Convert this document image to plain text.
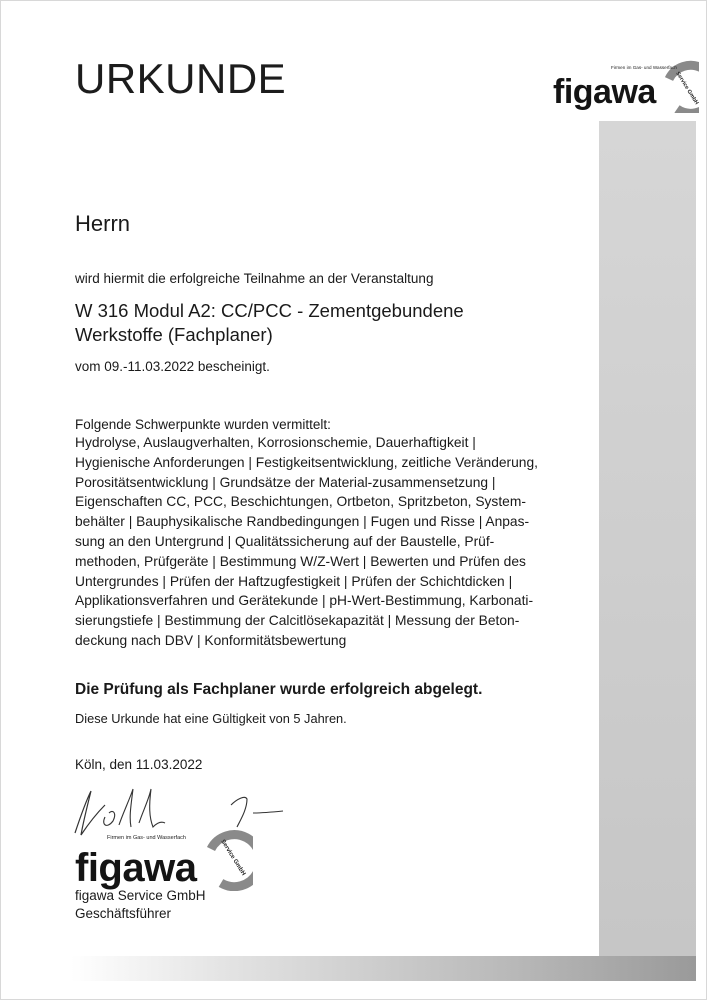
URKUNDE	figawa
Firmen im Gas- und Wasserfach
Service GmbH
Herrn
wird hiermit die erfolgreiche Teilnahme an der Veranstaltung
W 316 Modul A2: CC/PCC - Zementgebundene
Werkstoffe (Fachplaner)
vom 09.-11.03.2022 bescheinigt.
Folgende Schwerpunkte wurden vermittelt:
Hydrolyse, Auslaugverhalten, Korrosionschemie, Dauerhaftigkeit |
Hygienische Anforderungen | Festigkeitsentwicklung, zeitliche Veränderung,
Porositätsentwicklung | Grundsätze der Material-zusammensetzung |
Eigenschaften CC, PCC, Beschichtungen, Ortbeton, Spritzbeton, System-
behälter | Bauphysikalische Randbedingungen | Fugen und Risse | Anpas-
sung an den Untergrund | Qualitätssicherung auf der Baustelle, Prüf-
methoden, Prüfgeräte | Bestimmung W/Z-Wert | Bewerten und Prüfen des
Untergrundes | Prüfen der Haftzugfestigkeit | Prüfen der Schichtdicken |
Applikationsverfahren und Gerätekunde | pH-Wert-Bestimmung, Karbonati-
sierungstiefe | Bestimmung der Calcitlösekapazität | Messung der Beton-
deckung nach DBV | Konformitätsbewertung
Die Prüfung als Fachplaner wurde erfolgreich abgelegt.
Diese Urkunde hat eine Gültigkeit von 5 Jahren.
Köln, den 11.03.2022
figawa
Firmen im Gas- und Wasserfach
Service GmbH
figawa Service GmbH
Geschäftsführer
